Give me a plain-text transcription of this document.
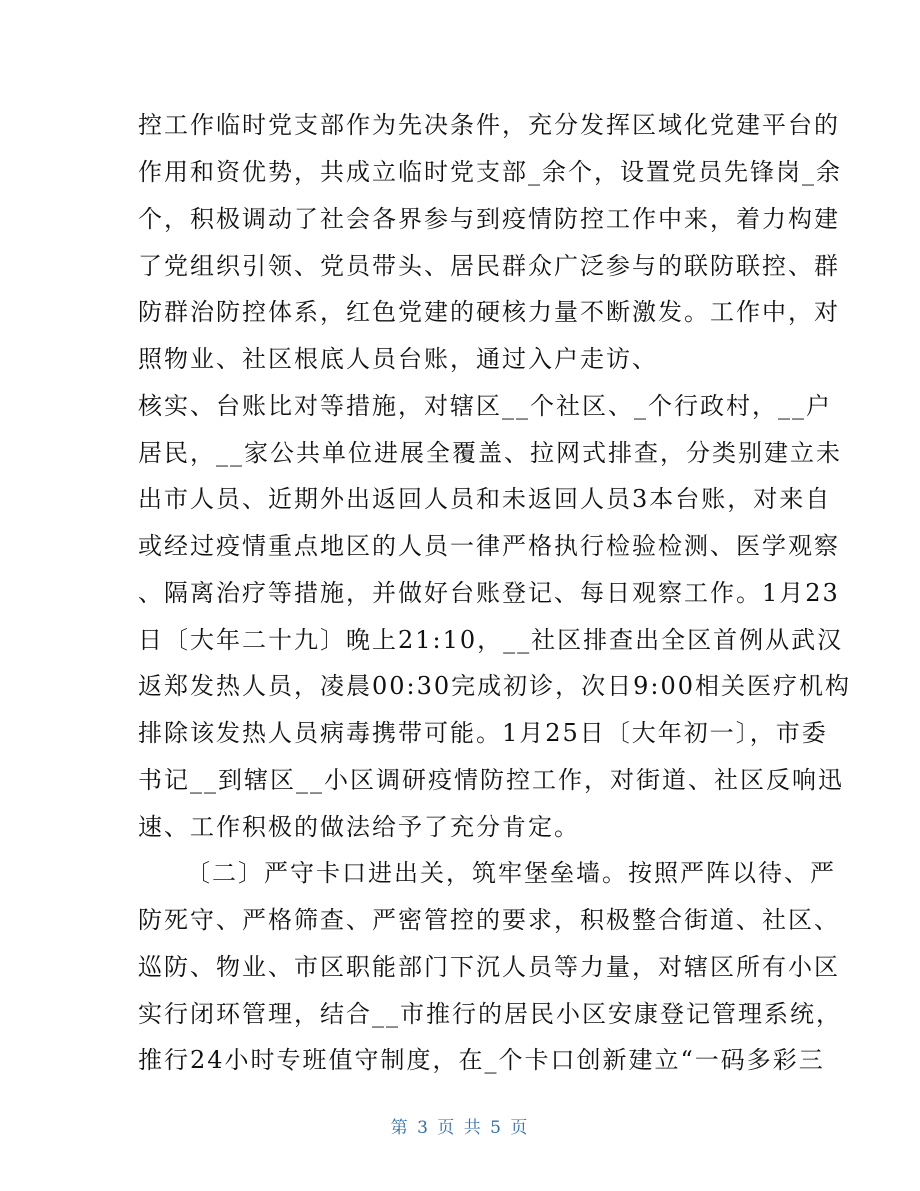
控工作临时党支部作为先决条件，充分发挥区域化党建平台的
作用和资优势，共成立临时党支部_余个，设置党员先锋岗_余
个，积极调动了社会各界参与到疫情防控工作中来，着力构建
了党组织引领、党员带头、居民群众广泛参与的联防联控、群
防群治防控体系，红色党建的硬核力量不断激发。工作中，对
照物业、社区根底人员台账，通过入户走访、
核实、台账比对等措施，对辖区__个社区、_个行政村，__户
居民，__家公共单位进展全覆盖、拉网式排查，分类别建立未
出市人员、近期外出返回人员和未返回人员3本台账，对来自
或经过疫情重点地区的人员一律严格执行检验检测、医学观察
、隔离治疗等措施，并做好台账登记、每日观察工作。1月23
日〔大年二十九〕晚上21:10，__社区排查出全区首例从武汉
返郑发热人员，凌晨00:30完成初诊，次日9:00相关医疗机构
排除该发热人员病毒携带可能。1月25日〔大年初一〕，市委
书记__到辖区__小区调研疫情防控工作，对街道、社区反响迅
速、工作积极的做法给予了充分肯定。
〔二〕严守卡口进出关，筑牢堡垒墙。按照严阵以待、严
防死守、严格筛查、严密管控的要求，积极整合街道、社区、
巡防、物业、市区职能部门下沉人员等力量，对辖区所有小区
实行闭环管理，结合__市推行的居民小区安康登记管理系统，
推行24小时专班值守制度，在_个卡口创新建立“一码多彩三
第 3 页 共 5 页
